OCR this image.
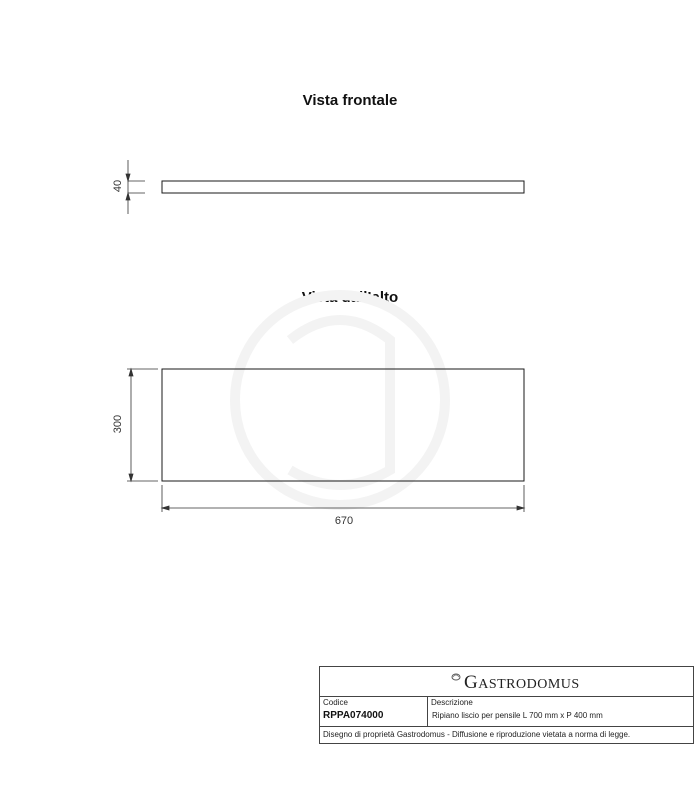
Vista frontale
Vista dall’alto
40
300
670
GASTRODOMUS
Codice
RPPA074000
Descrizione
Ripiano liscio per pensile L 700 mm x P 400 mm
Disegno di proprietà Gastrodomus - Diffusione e riproduzione vietata a norma di legge.
